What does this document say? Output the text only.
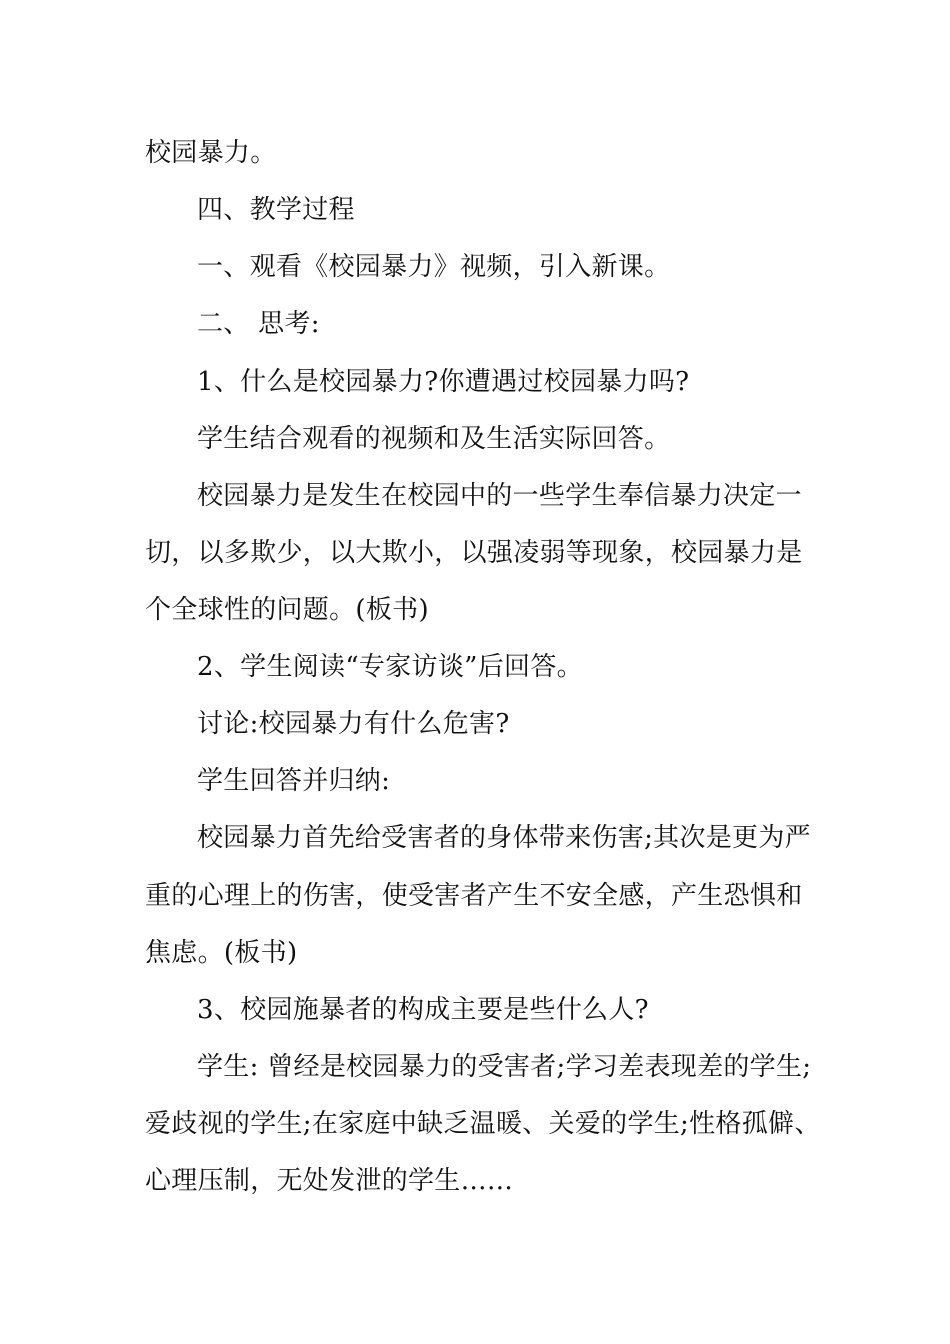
校园暴力。
四、教学过程
一、观看《校园暴力》视频，引入新课。
二、 思考:
1、什么是校园暴力?你遭遇过校园暴力吗?
学生结合观看的视频和及生活实际回答。
校园暴力是发生在校园中的一些学生奉信暴力决定一
切，以多欺少，以大欺小，以强凌弱等现象，校园暴力是
个全球性的问题。(板书)
2、学生阅读“专家访谈”后回答。
讨论:校园暴力有什么危害?
学生回答并归纳:
校园暴力首先给受害者的身体带来伤害;其次是更为严
重的心理上的伤害，使受害者产生不安全感，产生恐惧和
焦虑。(板书)
3、校园施暴者的构成主要是些什么人?
学生: 曾经是校园暴力的受害者;学习差表现差的学生;
爱歧视的学生;在家庭中缺乏温暖、关爱的学生;性格孤僻、
心理压制，无处发泄的学生……
